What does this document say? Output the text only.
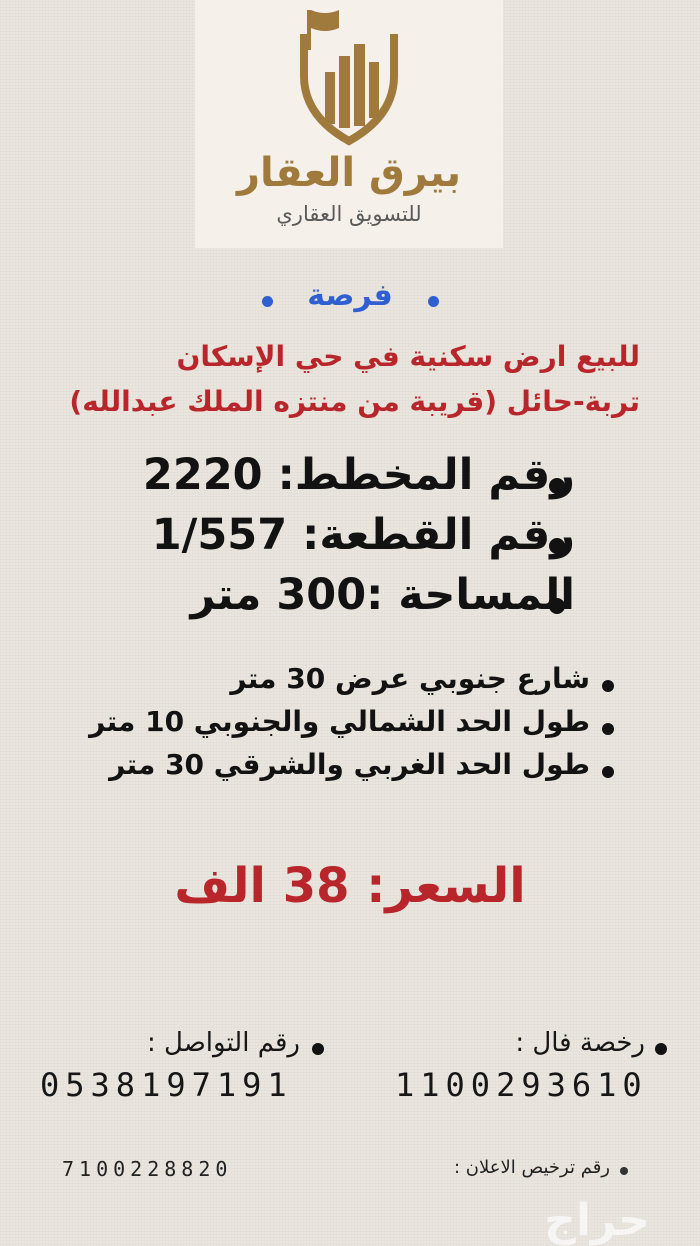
بيرق العقار
للتسويق العقاري
فرصة
للبيع ارض سكنية في حي الإسكان
تربة-حائل (قريبة من منتزه الملك عبدالله)
رقم المخطط: 2220
رقم القطعة: 1/557
المساحة :300 متر
شارع جنوبي عرض 30 متر
طول الحد الشمالي والجنوبي 10 متر
طول الحد الغربي والشرقي 30 متر
السعر: 38 الف
رخصة فال :
1100293610
رقم التواصل :
0538197191
رقم ترخيص الاعلان :
7100228820
حراج
